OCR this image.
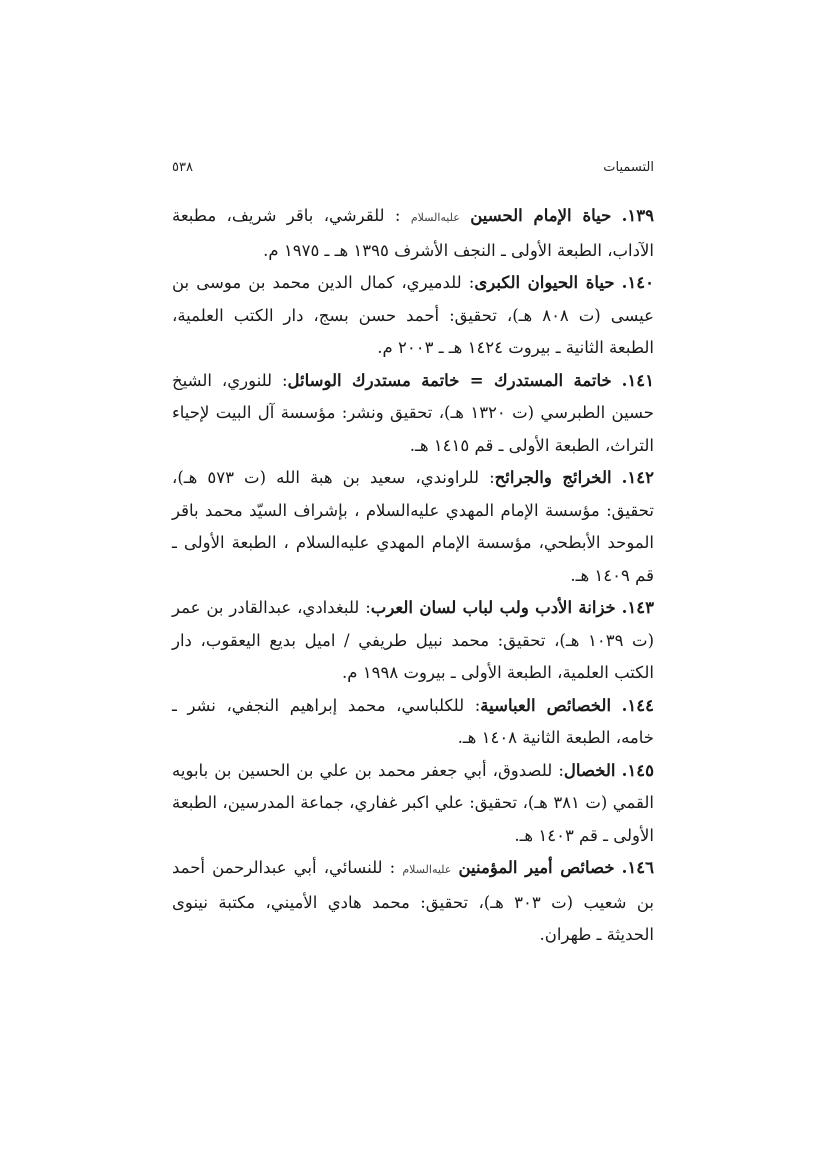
التسميات
٥٣٨

١٣٩. حياة الإمام الحسين عليه‌السلام : للقرشي، باقر شريف، مطبعة الآداب، الطبعة الأولى ـ النجف الأشرف ١٣٩٥ هـ ـ ١٩٧٥ م.

١٤٠. حياة الحيوان الكبرى: للدميري، كمال الدين محمد بن موسى بن عيسى (ت ٨٠٨ هـ)، تحقيق: أحمد حسن بسج، دار الكتب العلمية، الطبعة الثانية ـ بيروت ١٤٢٤ هـ ـ ٢٠٠٣ م.

١٤١. خاتمة المستدرك = خاتمة مستدرك الوسائل: للنوري، الشيخ حسين الطبرسي (ت ١٣٢٠ هـ)، تحقيق ونشر: مؤسسة آل البيت لإحياء التراث، الطبعة الأولى ـ قم ١٤١٥ هـ.

١٤٢. الخرائج والجرائح: للراوندي، سعيد بن هبة الله (ت ٥٧٣ هـ)، تحقيق: مؤسسة الإمام المهدي عليه‌السلام ، بإشراف السيّد محمد باقر الموحد الأبطحي، مؤسسة الإمام المهدي عليه‌السلام ، الطبعة الأولى ـ قم ١٤٠٩ هـ.

١٤٣. خزانة الأدب ولب لباب لسان العرب: للبغدادي، عبدالقادر بن عمر (ت ١٠٣٩ هـ)، تحقيق: محمد نبيل طريفي / اميل بديع اليعقوب، دار الكتب العلمية، الطبعة الأولى ـ بيروت ١٩٩٨ م.

١٤٤. الخصائص العباسية: للكلباسي، محمد إبراهيم النجفي، نشر ـ خامه، الطبعة الثانية ١٤٠٨ هـ.

١٤٥. الخصال: للصدوق، أبي جعفر محمد بن علي بن الحسين بن بابويه القمي (ت ٣٨١ هـ)، تحقيق: علي اكبر غفاري، جماعة المدرسين، الطبعة الأولى ـ قم ١٤٠٣ هـ.

١٤٦. خصائص أمير المؤمنين عليه‌السلام : للنسائي، أبي عبدالرحمن أحمد بن شعيب (ت ٣٠٣ هـ)، تحقيق: محمد هادي الأميني، مكتبة نينوى الحديثة ـ طهران.
